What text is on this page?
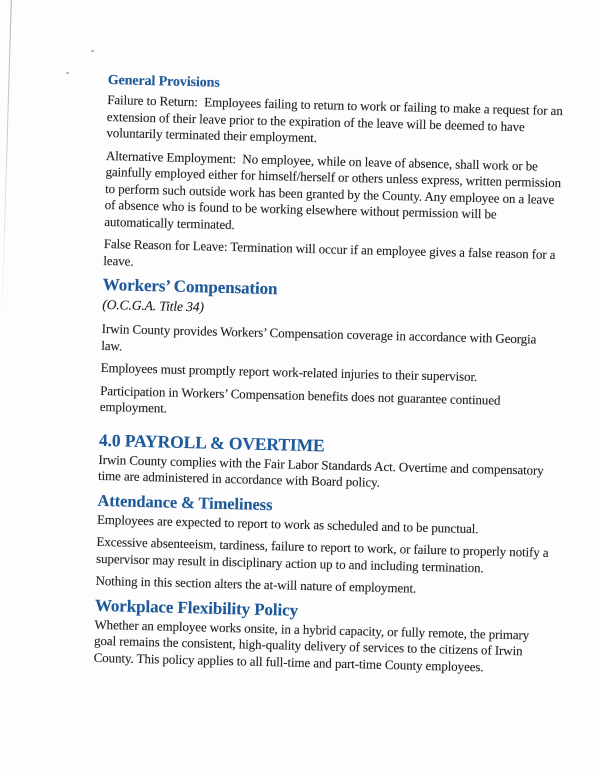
General Provisions

Failure to Return:  Employees failing to return to work or failing to make a request for an
extension of their leave prior to the expiration of the leave will be deemed to have
voluntarily terminated their employment.

Alternative Employment:  No employee, while on leave of absence, shall work or be
gainfully employed either for himself/herself or others unless express, written permission
to perform such outside work has been granted by the County. Any employee on a leave
of absence who is found to be working elsewhere without permission will be
automatically terminated.

False Reason for Leave: Termination will occur if an employee gives a false reason for a
leave.

Workers’ Compensation

(O.C.G.A. Title 34)

Irwin County provides Workers’ Compensation coverage in accordance with Georgia
law.

Employees must promptly report work-related injuries to their supervisor.

Participation in Workers’ Compensation benefits does not guarantee continued
employment.

4.0 PAYROLL & OVERTIME

Irwin County complies with the Fair Labor Standards Act. Overtime and compensatory
time are administered in accordance with Board policy.

Attendance & Timeliness

Employees are expected to report to work as scheduled and to be punctual.

Excessive absenteeism, tardiness, failure to report to work, or failure to properly notify a
supervisor may result in disciplinary action up to and including termination.

Nothing in this section alters the at-will nature of employment.

Workplace Flexibility Policy

Whether an employee works onsite, in a hybrid capacity, or fully remote, the primary
goal remains the consistent, high-quality delivery of services to the citizens of Irwin
County. This policy applies to all full-time and part-time County employees.
